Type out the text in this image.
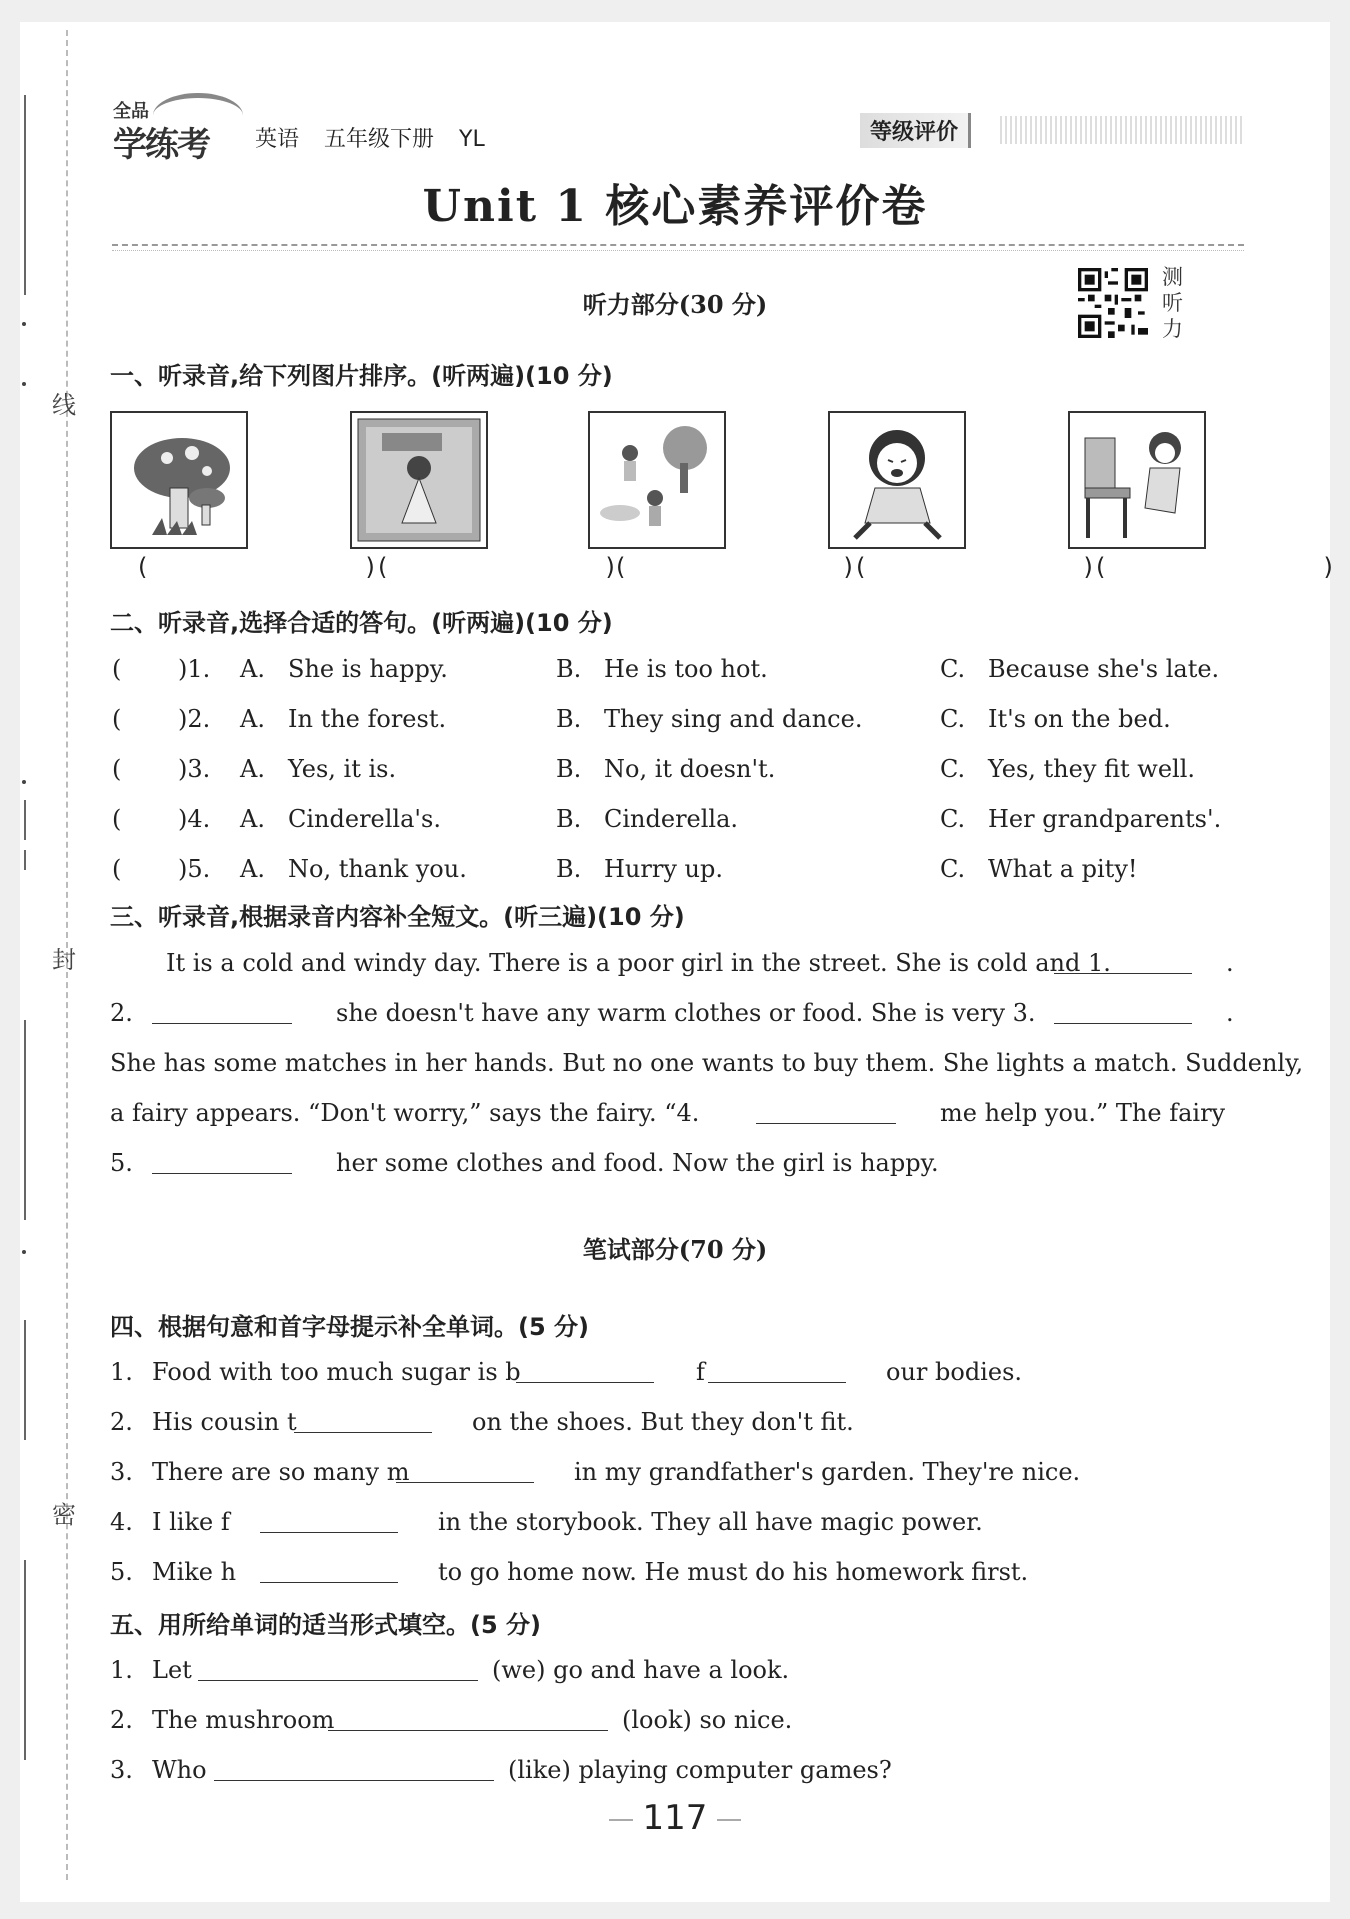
线
封
密
全品
学练考 英语 五年级下册 YL	等级评价
Unit 1 核心素养评价卷
听力部分(30 分)
测听力
一、听录音,给下列图片排序。(听两遍)(10 分)
(     ) (     ) (     ) (     ) (     )
二、听录音,选择合适的答句。(听两遍)(10 分)
( )1. A. She is happy.	B. He is too hot.	C. Because she's late.
( )2. A. In the forest.	B. They sing and dance.	C. It's on the bed.
( )3. A. Yes, it is.	B. No, it doesn't.	C. Yes, they fit well.
( )4. A. Cinderella's.	B. Cinderella.	C. Her grandparents'.
( )5. A. No, thank you.	B. Hurry up.	C. What a pity!
三、听录音,根据录音内容补全短文。(听三遍)(10 分)
It is a cold and windy day. There is a poor girl in the street. She is cold and 1.	.
2.	she doesn't have any warm clothes or food. She is very 3.	.
She has some matches in her hands. But no one wants to buy them. She lights a match. Suddenly,
a fairy appears. “Don't worry,” says the fairy. “4.	me help you.” The fairy
5.	her some clothes and food. Now the girl is happy.
笔试部分(70 分)
四、根据句意和首字母提示补全单词。(5 分)
1. Food with too much sugar is b	f	our bodies.
2. His cousin t	on the shoes. But they don't fit.
3. There are so many m	in my grandfather's garden. They're nice.
4. I like f	in the storybook. They all have magic power.
5. Mike h	to go home now. He must do his homework first.
五、用所给单词的适当形式填空。(5 分)
1. Let	(we) go and have a look.
2. The mushroom	(look) so nice.
3. Who	(like) playing computer games?
117
